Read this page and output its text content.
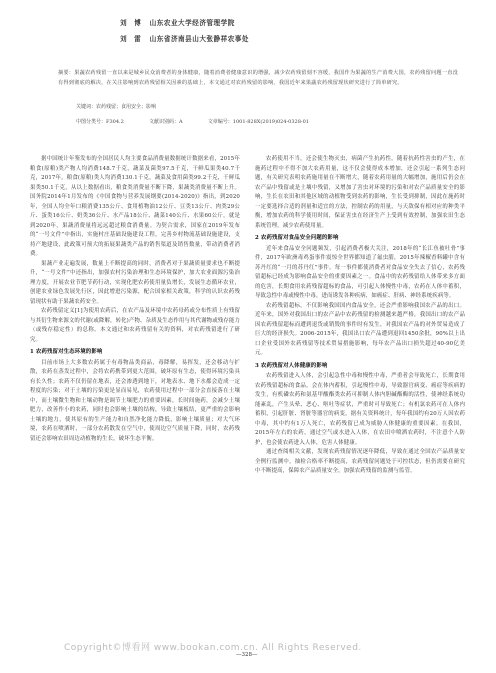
刘　博 山东农业大学经济管理学院
刘　雷 山东省济南县山大张静祥农事处
摘要：果蔬农药残留一直以来是城乡民众消费者的身体健康，随着消费者健康意识的增强，减少农药残留刻不容缓，我国作为果蔬的生产消费大国，农药残留问题一直没有得到彻底的解决，在关注影响到农药残留相关因素的基础上，本文通过对农药残留的影响、我国近年来果蔬农药残留现状研究进行了简单研究。
关键词：农药残留；食用安全；影响
中图分类号：F304.2	文献识别码：A	文章编号：1001-828X(2019)024-0328-01

据中国统计年鉴发布的全国居民人均主要食品消费量数据统计数据来看，2015年粮食(原粮)类产物人均消费148.7千克，蔬菜及菌类97.5千克，干鲜瓜果类40.7千克，2017年，粮食(原粮)类人均消费130.1千克，蔬菜及食用菌类99.2千克，干鲜瓜果类50.1千克，从以上数据看出，粮食类消费量不断下降，果蔬类消费量不断上升。国务院2014年1月发布的《中国食物与营养发展纲要(2014-2020)》指出，到2020年，全国人均全年口粮消费135公斤、食用植物油12公斤、豆类13公斤、肉类29公斤、蛋类16公斤、奶类36公斤、水产品18公斤、蔬菜140公斤、水果60公斤。就是到2020年，果蔬消费量将远远超过粮食消费量。为契合需求，国家在2019年发布的“一号文件”中指出，实施村庄基础设施建设工程，完善乡村物流基础设施建设，支持产地建设，此政策可预大的拓展果蔬类产品的销售渠道及销售数量，带动消费者消费。

果蔬产业走遍发展，数量上不断提高的同时，消费者对于果蔬质量要求也不断提升，“一号文件”中还指出，加强农村污染治理和生态环境保护，加大农业面源污染治理力度，开展农业节肥节药行动，实现化肥农药使用量负增长，发展生态循环农业，创建农业绿色发展先行区，因此增进污染源，配合国家相关政策，科学的认识农药残留现状有助于果蔬农药安全。

农药残留定义[1]为使用农药后，在农产品及环境中农药母药或分布性质上有残留与其衍生物来源文的代谢(或降解，转化)产物、杂质及生态作用与其代谢物或残存能力（或残存稳定性）的总称。本文通过和农药残留有关的资料，对农药残留进行了研究。

1 农药残留对生态环境的影响

目前市场上大多数农药属于有毒物品类商品，毒降解，易挥发，还会移动与扩散，农药在蒸发过程中，会将农药携带到更大范围，破坏原有生态，使得环境污染具有长久性；农药不仅仍留在地表，还会渗透到地下，对地表水、地下水都会造成一定程度的污染；对于土壤的污染更是显而易见，农药使用过程中一部分会直接落在土壤中，而土壤微生物和土壤动物是调节土壤肥力的重要因素，长时间施药，会减少土壤肥力，改善作小的农药，同时也会影响土壤的结构，导致土壤板结，更严重的会影响土壤的地力，使其原有的生产能力和自然净化能力降低，影响土壤质量；对大气环境，农药在喷洒时，一部分农药散发在空气中，使周边空气质量下降，同时，农药残留还会影响农田周边动植物的生长，破坏生态平衡。

农药使用不当，还会使生物灭虫，病菌产生抗药性，随着抗药性害虫的产生，在施药过程中不得不加大农药用量，这不仅会使得成本增加，还会引起一系列生态问题，有关研究表明农药施用量在不断增大，随着农药用量的大幅增加，施用后仍会在农产品中残留或是土壤中残留，又增加了害虫对环境的污染和对农产品质量安全的影响，生长在农田和其他区域的动植物受到农药的影响，生长受到抑制，因此在施药时一定要选择合适的剂量和适宜的方法，控制农药的用量，与天敌保有相对应的种类平衡，增加农药的科学使用时间，保证害虫在经济生产上受到有效控制，加强农田生态系统管理，减少农药使用量。

2 农药残留对食品安全问题的影响

近年来食品安全问题频发，引起消费者极大关注，2018年的“长江鱼被吐骨”事件，2017年欧洲毒鸡蛋事件震惊全世界都知道了氟虫腈，2015年辣椒香料罐中含有苏丹红的“一月的苏丹红”事件。每一事件都使消费者对食品安全失去了信心，农药残留超标已经成为影响食品安全的重要因素之一。食品中的农药残留给人体带来多方面的危害，长期食用农药残留超标的食品，可引起人体慢性中毒，农药在人体中蓄积，导致急性中毒或慢性中毒，进而诱发各种疾病，如癌症、肝病、神经系统疾病等。

农药残留超标，不仅影响我国国内食品安全，还会严重影响我国农产品的出口。近年来，国外对我国出口的农产品中农药残留的检测越来越严格，我国出口的农产品因农药残留超标而遭到退货或销毁的事件时有发生，对我国农产品的对外贸易造成了巨大的经济损失。2006-2015年，我国出口农产品遭到退回1450余批，90%以上出口企业受国外农药残留等技术贸易措施影响，每年农产品出口损失超过40-90亿美元。

3 农药残留对人体健康的影响

农药残留进入人体，会引起急性中毒和慢性中毒，严重者会导致死亡，长期食用农药残留超标的食品，会在体内蓄积，引起慢性中毒，导致器官病变、癌症等疾病的发生，有机磷农药和氨基甲酸酯类农药可抑制人体内胆碱酯酶的活性，使神经系统功能紊乱，产生头晕、恶心、呕吐等症状，严重时可导致死亡；有机氯农药可在人体内蓄积，引起肝脏、肾脏等器官的病变，据有关资料统计，每年我国约有20万人因农药中毒，其中约有1万人死亡，农药残留已成为威胁人体健康的重要因素。在我国，2015年左右的农药，通过空气或水进入人体，在农田中喷洒农药时，不注意个人防护，也会使农药进入人体，危害人体健康。

通过查阅相关文献，发现农药残留情况逐年降低，导致在通过全国农产品质量安全例行监测中，抽检合格率不断提高，农药残留问题处于可控状态，但仍需要在研究中不断提高，保障农产品质量安全，加强农药残留的监测与监管。

—328—
Copyright©博看网 www.bookan.com.cn. All Rights Reserved.
